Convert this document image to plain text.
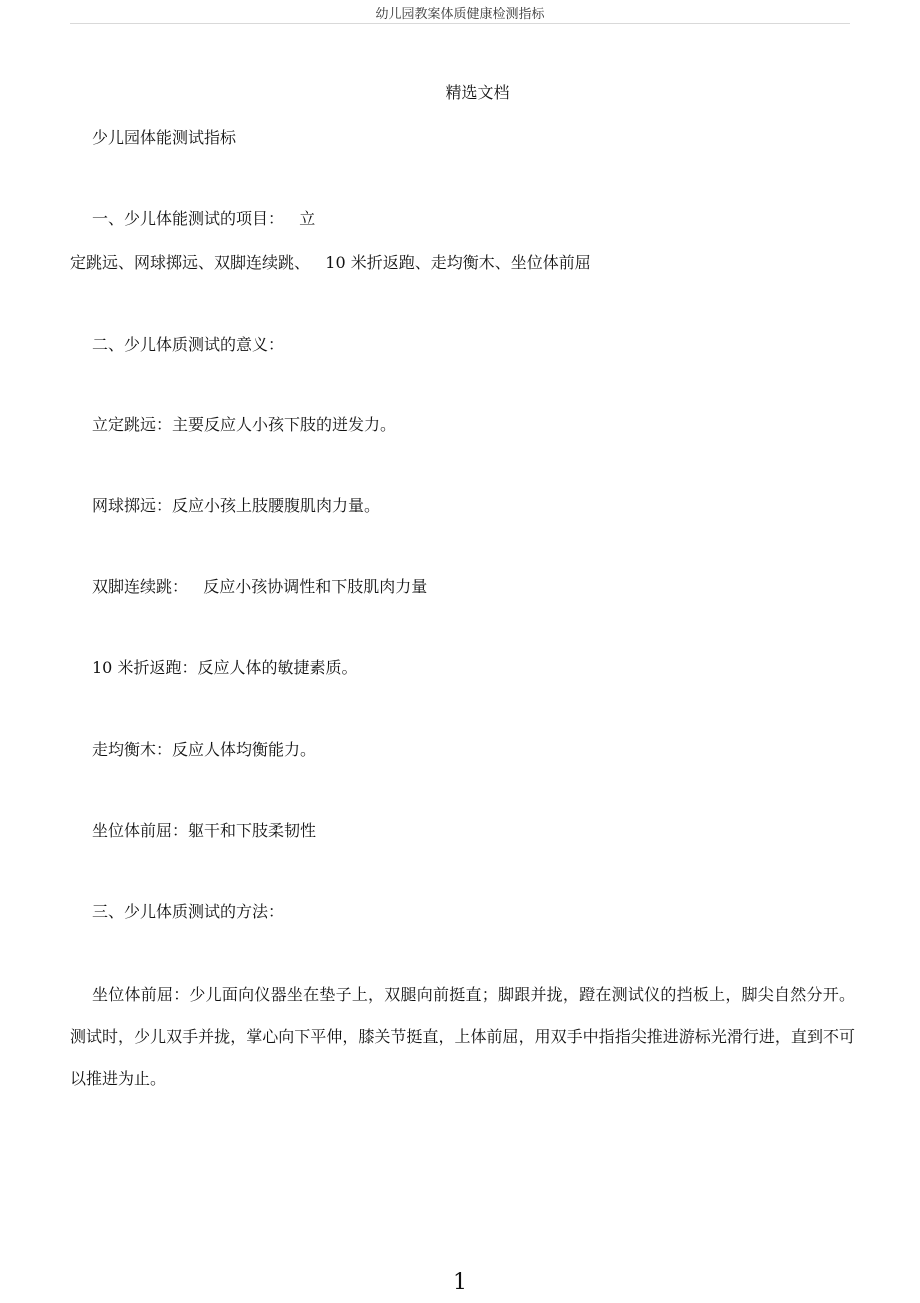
幼儿园教案体质健康检测指标
精选文档
少儿园体能测试指标
一、少儿体能测试的项目：   立
定跳远、网球掷远、双脚连续跳、   10 米折返跑、走均衡木、坐位体前屈
二、少儿体质测试的意义：
立定跳远：主要反应人小孩下肢的迸发力。
网球掷远：反应小孩上肢腰腹肌肉力量。
双脚连续跳：   反应小孩协调性和下肢肌肉力量
10 米折返跑：反应人体的敏捷素质。
走均衡木：反应人体均衡能力。
坐位体前屈：躯干和下肢柔韧性
三、少儿体质测试的方法：
坐位体前屈：少儿面向仪器坐在垫子上，双腿向前挺直；脚跟并拢，蹬在测试仪的挡板上，脚尖自然分开。测试时，少儿双手并拢，掌心向下平伸，膝关节挺直，上体前屈，用双手中指指尖推进游标光滑行进，直到不可以推进为止。
1
